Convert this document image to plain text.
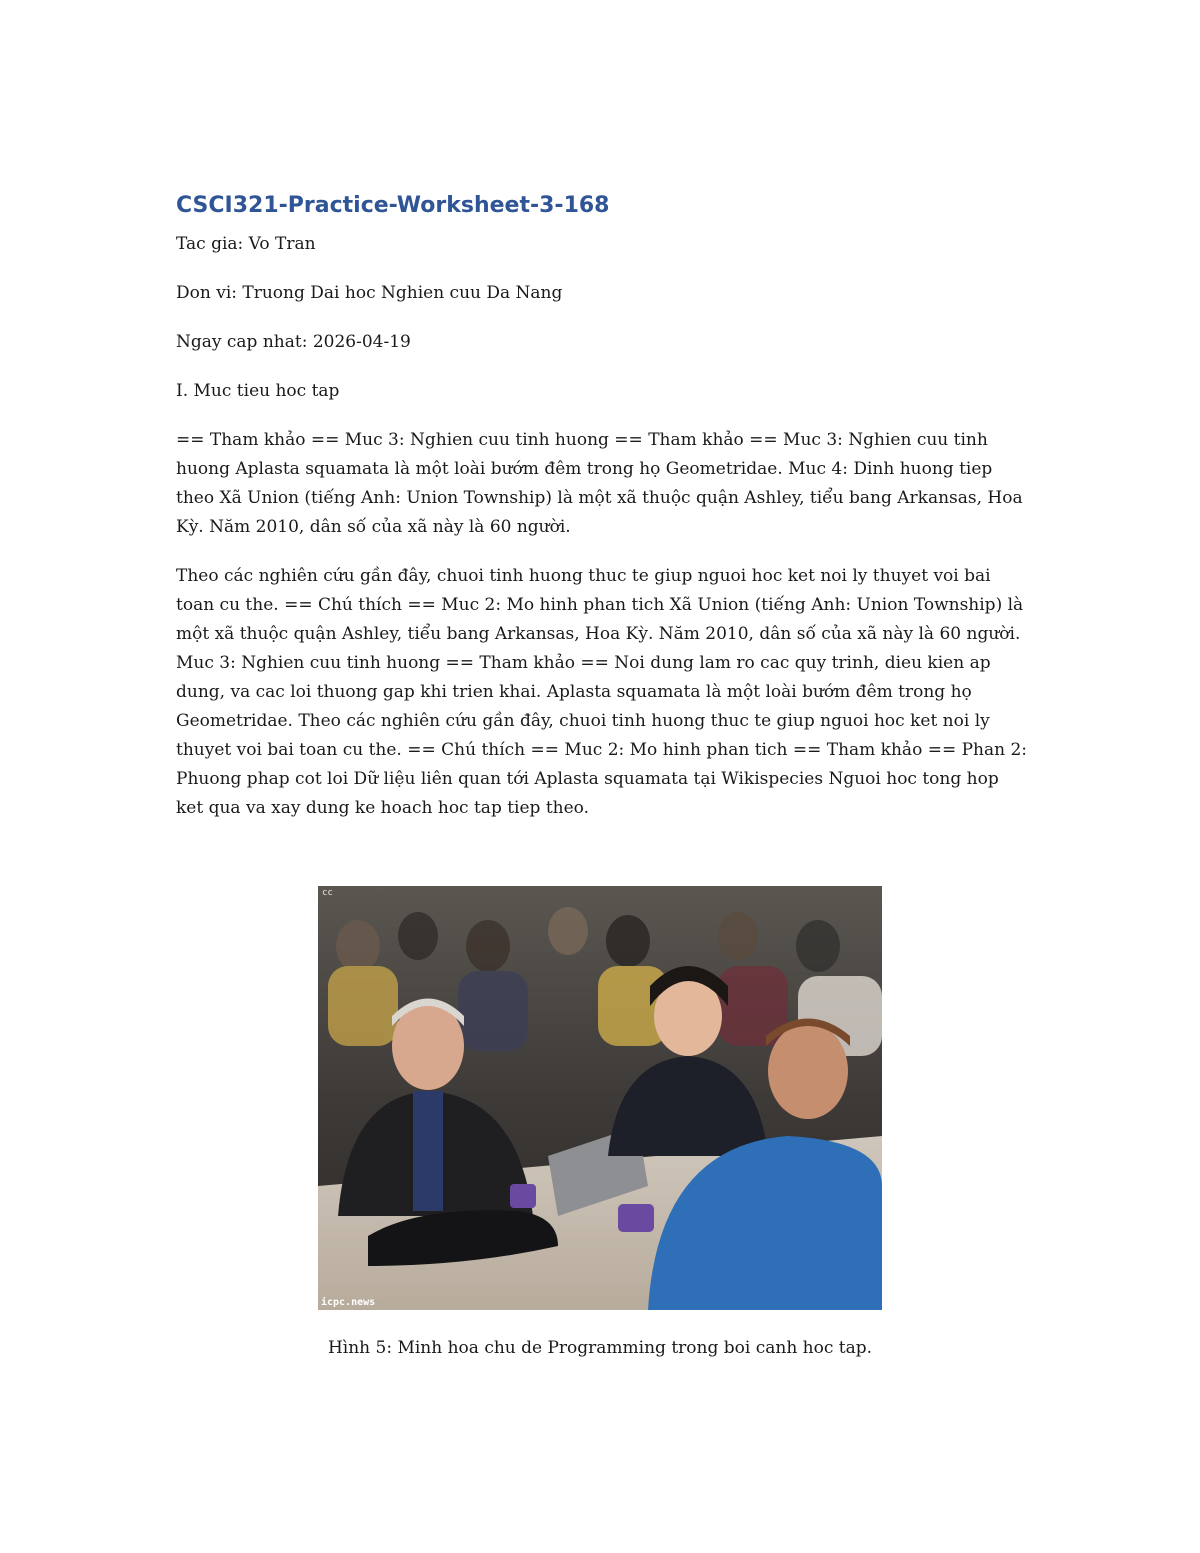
CSCI321-Practice-Worksheet-3-168

Tac gia: Vo Tran

Don vi: Truong Dai hoc Nghien cuu Da Nang

Ngay cap nhat: 2026-04-19

I. Muc tieu hoc tap

== Tham khảo == Muc 3: Nghien cuu tinh huong == Tham khảo == Muc 3: Nghien cuu tinh huong Aplasta squamata là một loài bướm đêm trong họ Geometridae. Muc 4: Dinh huong tiep theo Xã Union (tiếng Anh: Union Township) là một xã thuộc quận Ashley, tiểu bang Arkansas, Hoa Kỳ. Năm 2010, dân số của xã này là 60 người.

Theo các nghiên cứu gần đây, chuoi tinh huong thuc te giup nguoi hoc ket noi ly thuyet voi bai toan cu the. == Chú thích == Muc 2: Mo hinh phan tich Xã Union (tiếng Anh: Union Township) là một xã thuộc quận Ashley, tiểu bang Arkansas, Hoa Kỳ. Năm 2010, dân số của xã này là 60 người. Muc 3: Nghien cuu tinh huong == Tham khảo == Noi dung lam ro cac quy trinh, dieu kien ap dung, va cac loi thuong gap khi trien khai. Aplasta squamata là một loài bướm đêm trong họ Geometridae. Theo các nghiên cứu gần đây, chuoi tinh huong thuc te giup nguoi hoc ket noi ly thuyet voi bai toan cu the. == Chú thích == Muc 2: Mo hinh phan tich == Tham khảo == Phan 2: Phuong phap cot loi Dữ liệu liên quan tới Aplasta squamata tại Wikispecies Nguoi hoc tong hop ket qua va xay dung ke hoach hoc tap tiep theo.

cc
icpc.news
Hình 5: Minh hoa chu de Programming trong boi canh hoc tap.
